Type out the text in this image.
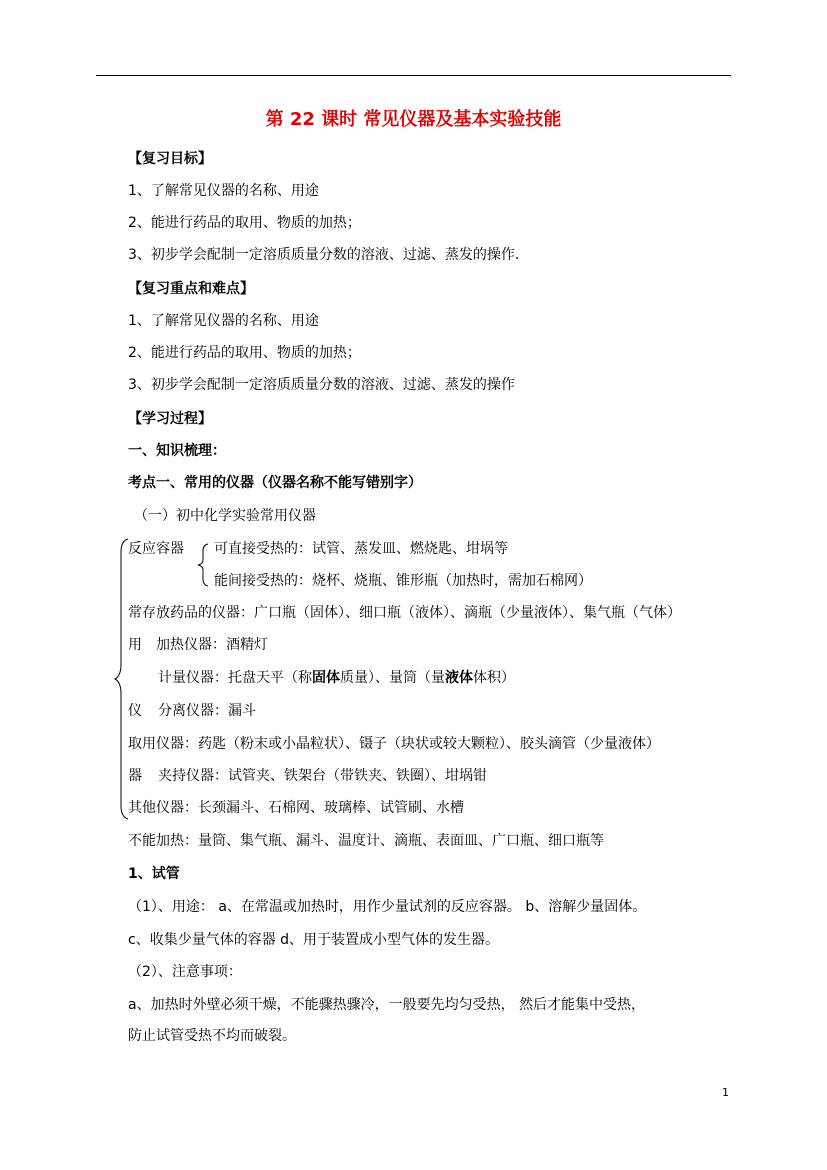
第 22 课时 常见仪器及基本实验技能
【复习目标】
1、了解常见仪器的名称、用途
2、能进行药品的取用、物质的加热；
3、初步学会配制一定溶质质量分数的溶液、过滤、蒸发的操作.
【复习重点和难点】
1、了解常见仪器的名称、用途
2、能进行药品的取用、物质的加热；
3、初步学会配制一定溶质质量分数的溶液、过滤、蒸发的操作
【学习过程】
一、知识梳理：
考点一、常用的仪器（仪器名称不能写错别字）
（一）初中化学实验常用仪器
反应容器 可直接受热的：试管、蒸发皿、燃烧匙、坩埚等
能间接受热的：烧杯、烧瓶、锥形瓶（加热时，需加石棉网）
常存放药品的仪器：广口瓶（固体）、细口瓶（液体）、滴瓶（少量液体）、集气瓶（气体）
用 加热仪器：酒精灯
计量仪器：托盘天平（称固体质量）、量筒（量液体体积）
仪 分离仪器：漏斗
取用仪器：药匙（粉末或小晶粒状）、镊子（块状或较大颗粒）、胶头滴管（少量液体）
器 夹持仪器：试管夹、铁架台（带铁夹、铁圈）、坩埚钳
其他仪器：长颈漏斗、石棉网、玻璃棒、试管刷、水槽
不能加热：量筒、集气瓶、漏斗、温度计、滴瓶、表面皿、广口瓶、细口瓶等
1、试管
（1）、用途： a、在常温或加热时，用作少量试剂的反应容器。 b、溶解少量固体。
c、收集少量气体的容器 d、用于装置成小型气体的发生器。
（2）、注意事项：
a、加热时外壁必须干燥，不能骤热骤冷，一般要先均匀受热， 然后才能集中受热，
防止试管受热不均而破裂。
1
